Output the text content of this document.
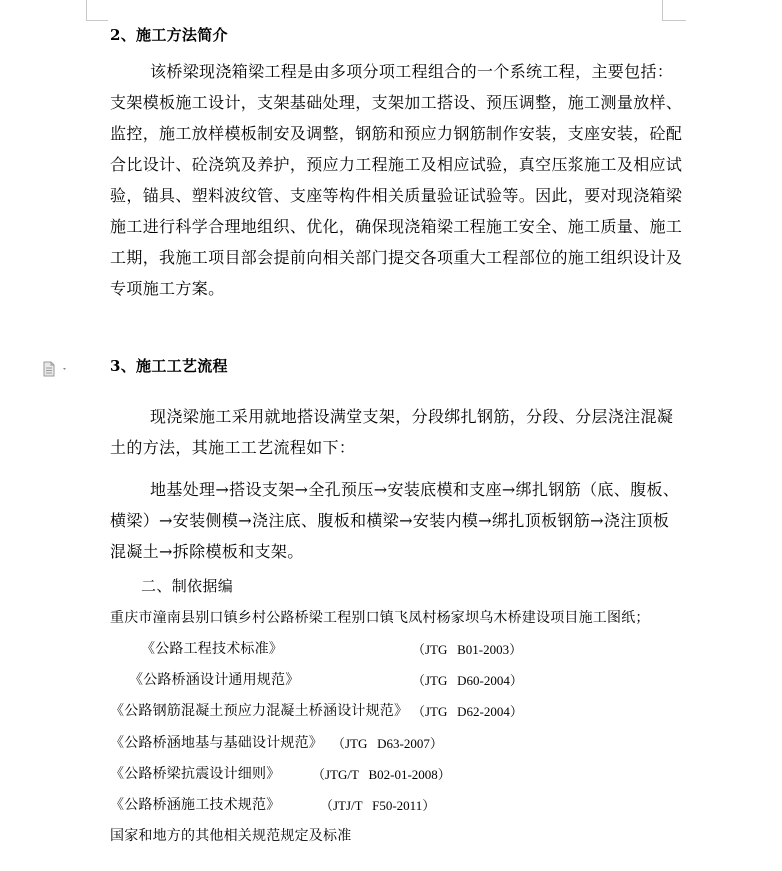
2、施工方法简介
该桥梁现浇箱梁工程是由多项分项工程组合的一个系统工程，主要包括：
支架模板施工设计，支架基础处理，支架加工搭设、预压调整，施工测量放样、
监控，施工放样模板制安及调整，钢筋和预应力钢筋制作安装，支座安装，砼配
合比设计、砼浇筑及养护，预应力工程施工及相应试验，真空压浆施工及相应试
验，锚具、塑料波纹管、支座等构件相关质量验证试验等。因此，要对现浇箱梁
施工进行科学合理地组织、优化，确保现浇箱梁工程施工安全、施工质量、施工
工期，我施工项目部会提前向相关部门提交各项重大工程部位的施工组织设计及
专项施工方案。
3、施工工艺流程
现浇梁施工采用就地搭设满堂支架，分段绑扎钢筋，分段、分层浇注混凝
土的方法，其施工工艺流程如下：
地基处理→搭设支架→全孔预压→安装底模和支座→绑扎钢筋（底、腹板、
横梁）→安装侧模→浇注底、腹板和横梁→安装内模→绑扎顶板钢筋→浇注顶板
混凝土→拆除模板和支架。
二、制依据编
重庆市潼南县别口镇乡村公路桥梁工程别口镇飞凤村杨家坝乌木桥建设项目施工图纸；
《公路工程技术标准》	（JTG   B01-2003）
《公路桥涵设计通用规范》	（JTG   D60-2004）
《公路钢筋混凝土预应力混凝土桥涵设计规范》 （JTG   D62-2004）
《公路桥涵地基与基础设计规范》 （JTG   D63-2007）
《公路桥梁抗震设计细则》 （JTG/T   B02-01-2008）
《公路桥涵施工技术规范》	（JTJ/T   F50-2011）
国家和地方的其他相关规范规定及标准
